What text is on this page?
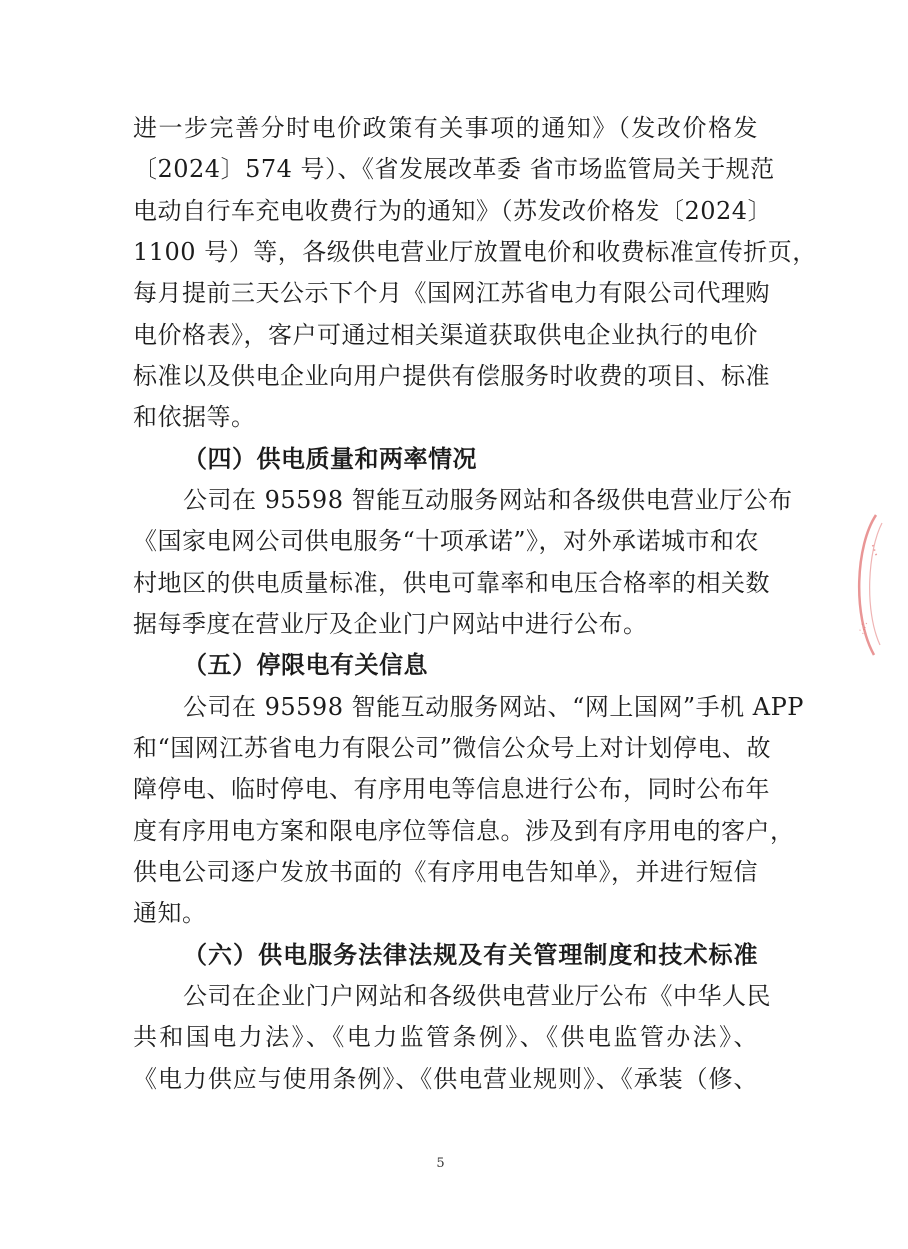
进一步完善分时电价政策有关事项的通知》（发改价格发
〔2024〕574 号）、《省发展改革委 省市场监管局关于规范
电动自行车充电收费行为的通知》（苏发改价格发〔2024〕
1100 号）等，各级供电营业厅放置电价和收费标准宣传折页，
每月提前三天公示下个月《国网江苏省电力有限公司代理购
电价格表》，客户可通过相关渠道获取供电企业执行的电价
标准以及供电企业向用户提供有偿服务时收费的项目、标准
和依据等。
（四）供电质量和两率情况
公司在 95598 智能互动服务网站和各级供电营业厅公布
《国家电网公司供电服务“十项承诺”》，对外承诺城市和农
村地区的供电质量标准，供电可靠率和电压合格率的相关数
据每季度在营业厅及企业门户网站中进行公布。
（五）停限电有关信息
公司在 95598 智能互动服务网站、“网上国网”手机 APP
和“国网江苏省电力有限公司”微信公众号上对计划停电、故
障停电、临时停电、有序用电等信息进行公布，同时公布年
度有序用电方案和限电序位等信息。涉及到有序用电的客户，
供电公司逐户发放书面的《有序用电告知单》，并进行短信
通知。
（六）供电服务法律法规及有关管理制度和技术标准
公司在企业门户网站和各级供电营业厅公布《中华人民
共和国电力法》、《电力监管条例》、《供电监管办法》、
《电力供应与使用条例》、《供电营业规则》、《承装（修、
5
⋯
∴∴
